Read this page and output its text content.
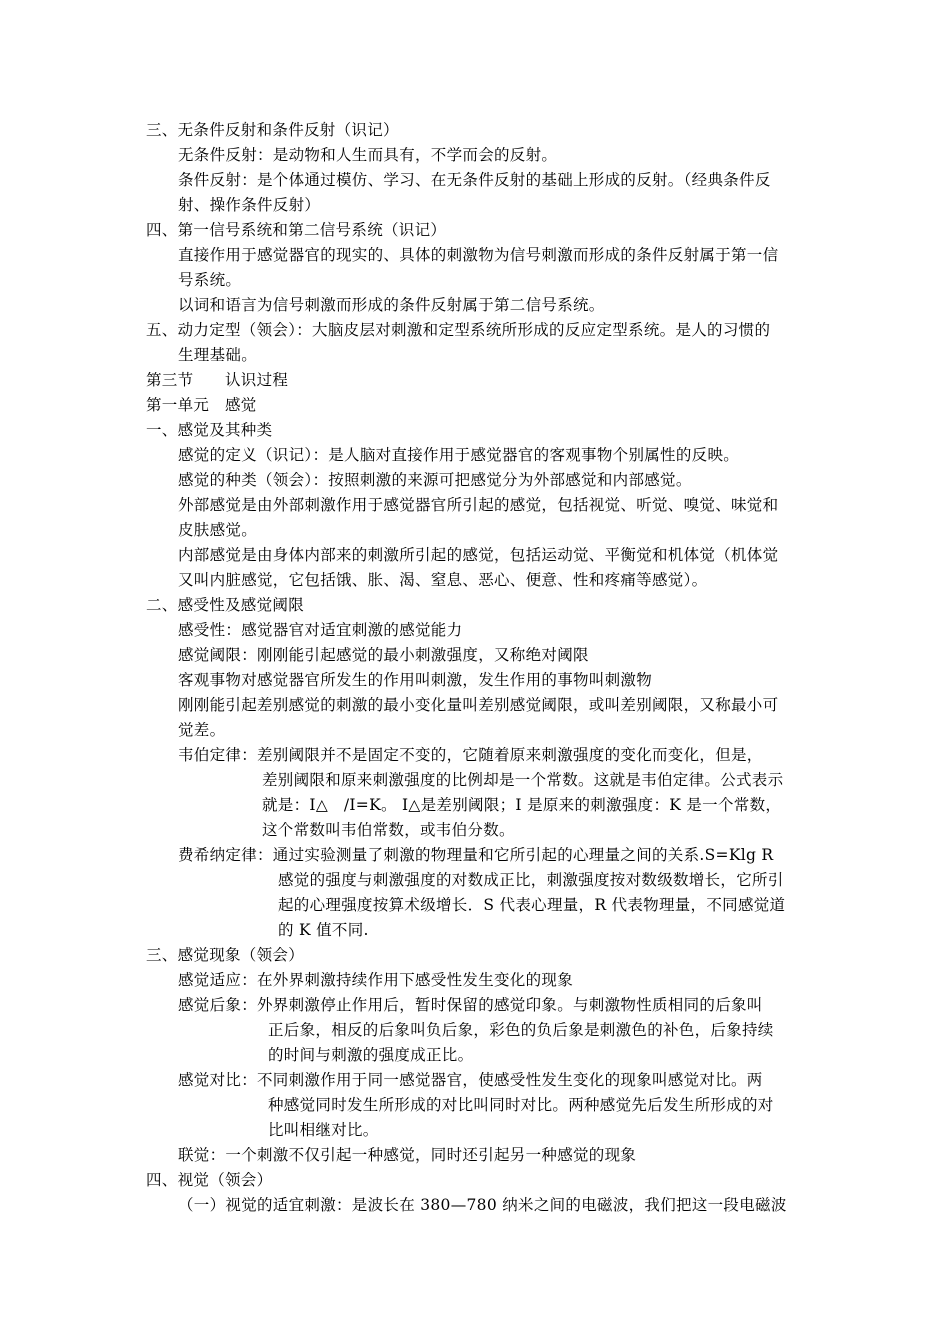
三、无条件反射和条件反射（识记）
无条件反射：是动物和人生而具有，不学而会的反射。
条件反射：是个体通过模仿、学习、在无条件反射的基础上形成的反射。（经典条件反
射、操作条件反射）
四、第一信号系统和第二信号系统（识记）
直接作用于感觉器官的现实的、具体的刺激物为信号刺激而形成的条件反射属于第一信
号系统。
以词和语言为信号刺激而形成的条件反射属于第二信号系统。
五、动力定型（领会）：大脑皮层对刺激和定型系统所形成的反应定型系统。是人的习惯的
生理基础。
第三节　　认识过程
第一单元　感觉
一、感觉及其种类
感觉的定义（识记）：是人脑对直接作用于感觉器官的客观事物个别属性的反映。
感觉的种类（领会）：按照刺激的来源可把感觉分为外部感觉和内部感觉。
外部感觉是由外部刺激作用于感觉器官所引起的感觉，包括视觉、听觉、嗅觉、味觉和
皮肤感觉。
内部感觉是由身体内部来的刺激所引起的感觉，包括运动觉、平衡觉和机体觉（机体觉
又叫内脏感觉，它包括饿、胀、渴、窒息、恶心、便意、性和疼痛等感觉）。
二、感受性及感觉阈限
感受性：感觉器官对适宜刺激的感觉能力
感觉阈限：刚刚能引起感觉的最小刺激强度，又称绝对阈限
客观事物对感觉器官所发生的作用叫刺激，发生作用的事物叫刺激物
刚刚能引起差别感觉的刺激的最小变化量叫差别感觉阈限，或叫差别阈限，又称最小可
觉差。
韦伯定律：差别阈限并不是固定不变的，它随着原来刺激强度的变化而变化，但是，
差别阈限和原来刺激强度的比例却是一个常数。这就是韦伯定律。公式表示
就是：I△　/I=K。 I△是差别阈限；I 是原来的刺激强度：K 是一个常数，
这个常数叫韦伯常数，或韦伯分数。
费希纳定律：通过实验测量了刺激的物理量和它所引起的心理量之间的关系.S=Klg R
感觉的强度与刺激强度的对数成正比，刺激强度按对数级数增长，它所引
起的心理强度按算术级增长．S 代表心理量，R 代表物理量，不同感觉道
的 K 值不同.
三、感觉现象（领会）
感觉适应：在外界刺激持续作用下感受性发生变化的现象
感觉后象：外界刺激停止作用后，暂时保留的感觉印象。与刺激物性质相同的后象叫
正后象，相反的后象叫负后象，彩色的负后象是刺激色的补色，后象持续
的时间与刺激的强度成正比。
感觉对比：不同刺激作用于同一感觉器官，使感受性发生变化的现象叫感觉对比。两
种感觉同时发生所形成的对比叫同时对比。两种感觉先后发生所形成的对
比叫相继对比。
联觉：一个刺激不仅引起一种感觉，同时还引起另一种感觉的现象
四、视觉（领会）
（一）视觉的适宜刺激：是波长在 380—780 纳米之间的电磁波，我们把这一段电磁波
